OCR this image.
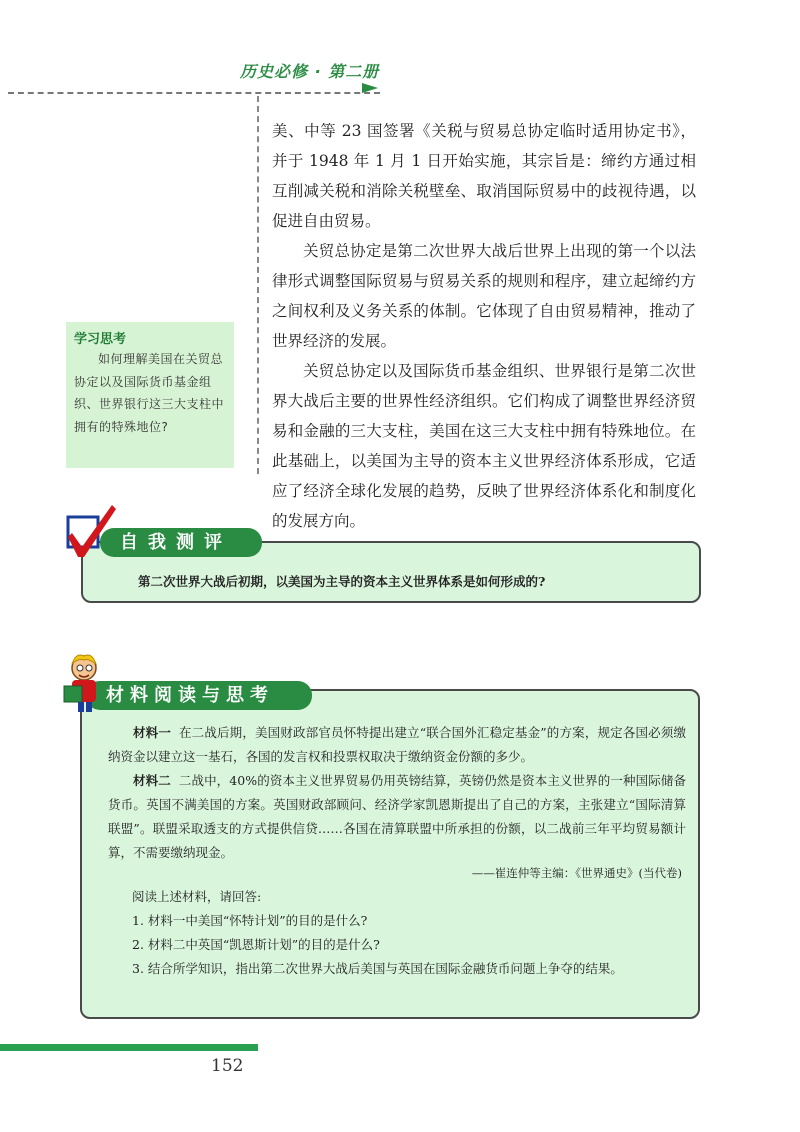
历史必修 · 第二册

美、中等 23 国签署《关税与贸易总协定临时适用协定书》，并于 1948 年 1 月 1 日开始实施，其宗旨是：缔约方通过相互削减关税和消除关税壁垒、取消国际贸易中的歧视待遇，以促进自由贸易。

关贸总协定是第二次世界大战后世界上出现的第一个以法律形式调整国际贸易与贸易关系的规则和程序，建立起缔约方之间权利及义务关系的体制。它体现了自由贸易精神，推动了世界经济的发展。

关贸总协定以及国际货币基金组织、世界银行是第二次世界大战后主要的世界性经济组织。它们构成了调整世界经济贸易和金融的三大支柱，美国在这三大支柱中拥有特殊地位。在此基础上，以美国为主导的资本主义世界经济体系形成，它适应了经济全球化发展的趋势，反映了世界经济体系化和制度化的发展方向。

学习思考
如何理解美国在关贸总协定以及国际货币基金组织、世界银行这三大支柱中拥有的特殊地位?
自我测评
第二次世界大战后初期，以美国为主导的资本主义世界体系是如何形成的?
材料阅读与思考
材料一 在二战后期，美国财政部官员怀特提出建立“联合国外汇稳定基金”的方案，规定各国必须缴纳资金以建立这一基石，各国的发言权和投票权取决于缴纳资金份额的多少。
材料二 二战中，40%的资本主义世界贸易仍用英镑结算，英镑仍然是资本主义世界的一种国际储备货币。英国不满美国的方案。英国财政部顾问、经济学家凯恩斯提出了自己的方案，主张建立“国际清算联盟”。联盟采取透支的方式提供信贷……各国在清算联盟中所承担的份额，以二战前三年平均贸易额计算，不需要缴纳现金。
——崔连仲等主编：《世界通史》(当代卷)
阅读上述材料，请回答:
1. 材料一中美国“怀特计划”的目的是什么?
2. 材料二中英国“凯恩斯计划”的目的是什么?
3. 结合所学知识，指出第二次世界大战后美国与英国在国际金融货币问题上争夺的结果。
152
